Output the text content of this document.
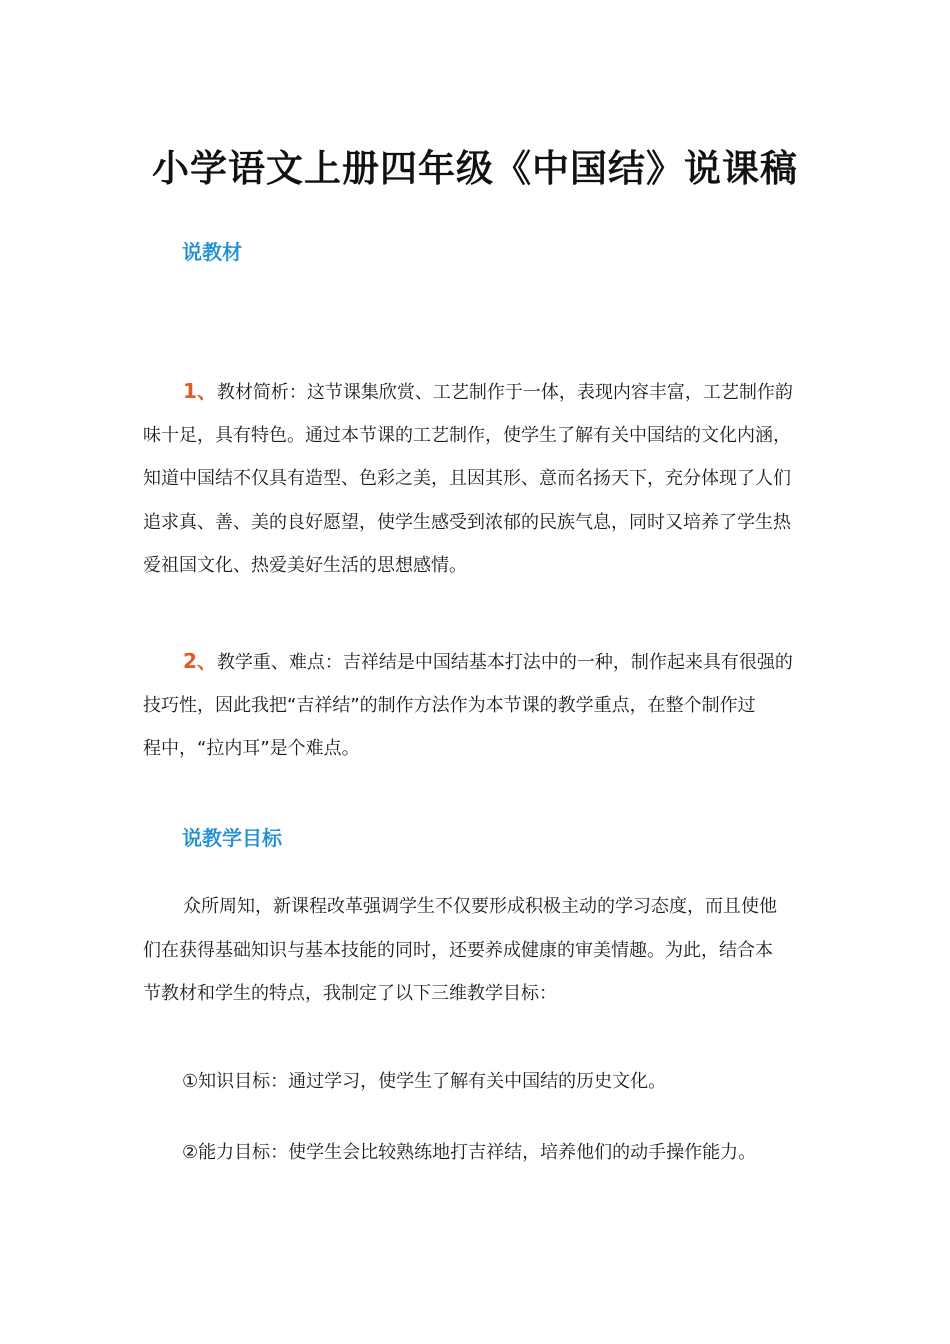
小学语文上册四年级《中国结》说课稿
说教材
1、教材简析：这节课集欣赏、工艺制作于一体，表现内容丰富，工艺制作韵
味十足，具有特色。通过本节课的工艺制作，使学生了解有关中国结的文化内涵，
知道中国结不仅具有造型、色彩之美，且因其形、意而名扬天下，充分体现了人们
追求真、善、美的良好愿望，使学生感受到浓郁的民族气息，同时又培养了学生热
爱祖国文化、热爱美好生活的思想感情。
2、教学重、难点：吉祥结是中国结基本打法中的一种，制作起来具有很强的
技巧性，因此我把“吉祥结”的制作方法作为本节课的教学重点，在整个制作过
程中，“拉内耳”是个难点。
说教学目标
众所周知，新课程改革强调学生不仅要形成积极主动的学习态度，而且使他
们在获得基础知识与基本技能的同时，还要养成健康的审美情趣。为此，结合本
节教材和学生的特点，我制定了以下三维教学目标：
①知识目标：通过学习，使学生了解有关中国结的历史文化。
②能力目标：使学生会比较熟练地打吉祥结，培养他们的动手操作能力。
